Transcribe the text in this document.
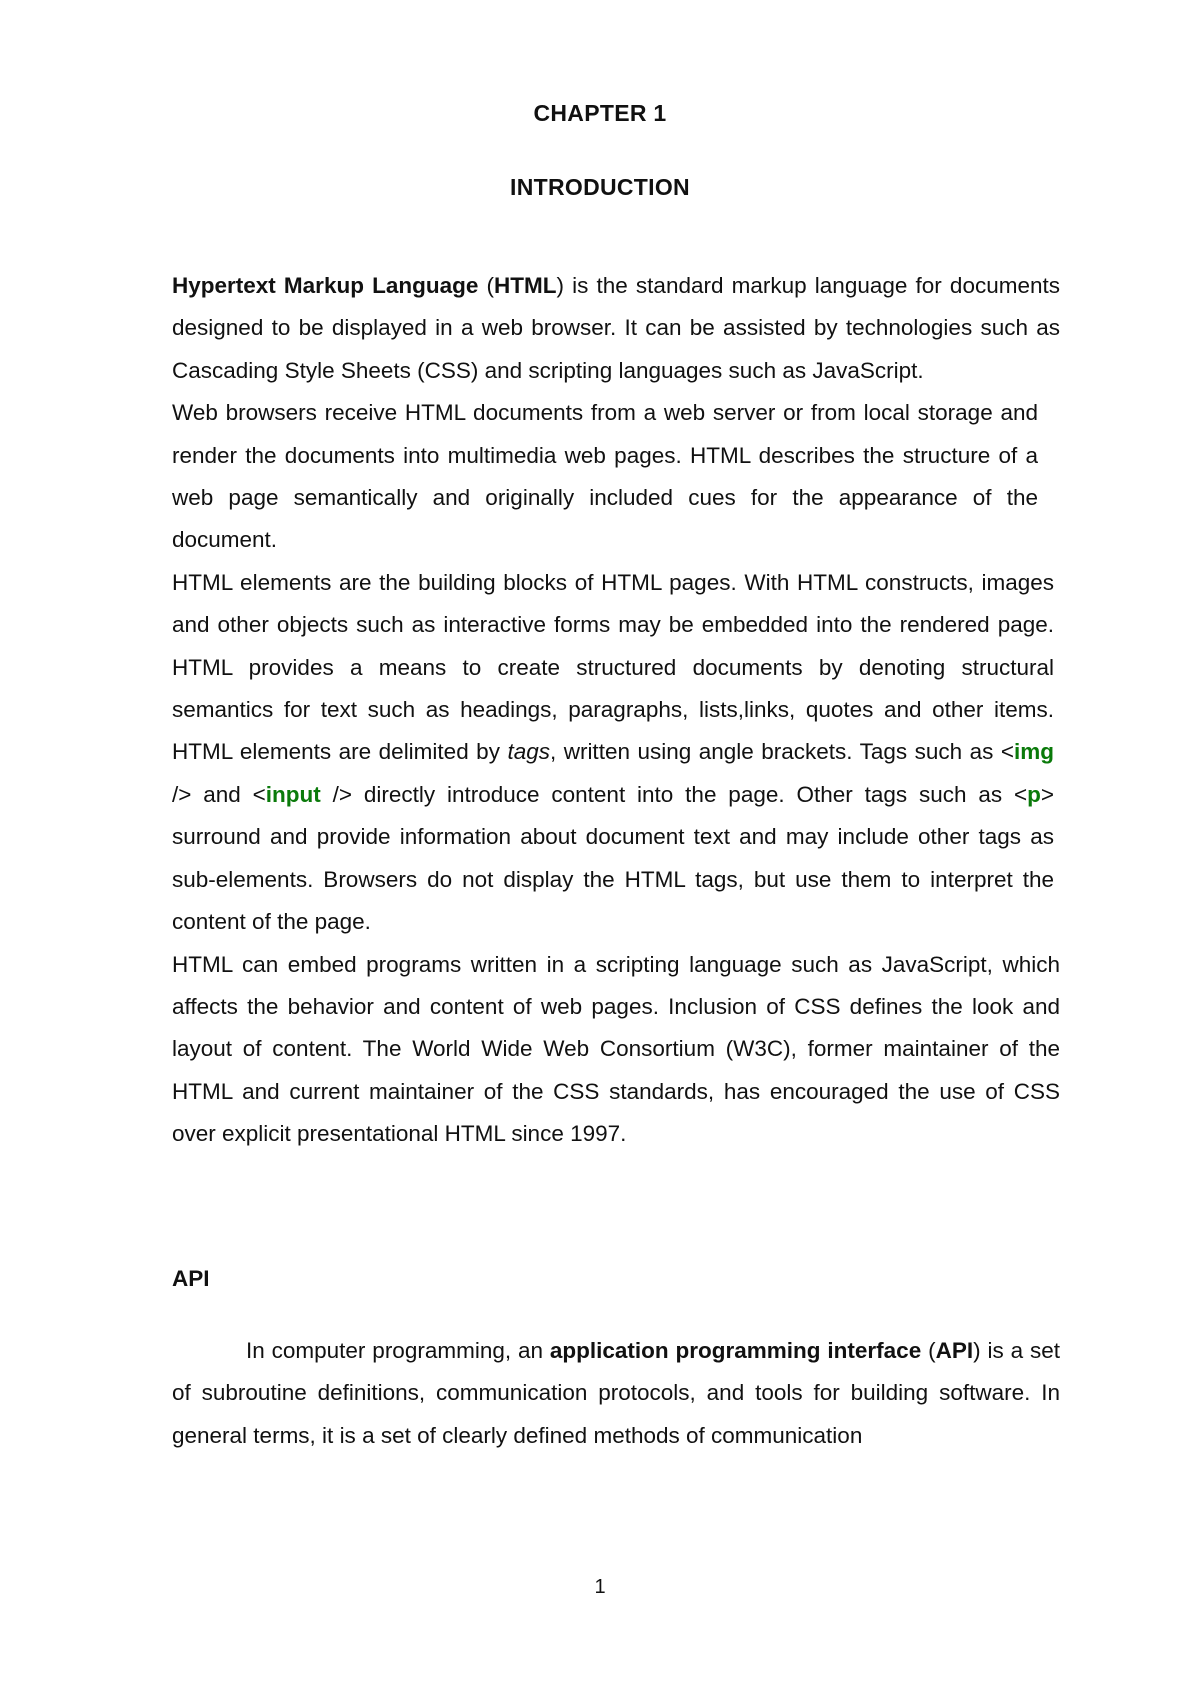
CHAPTER 1
INTRODUCTION

Hypertext Markup Language (HTML) is the standard markup language for documents designed to be displayed in a web browser. It can be assisted by technologies such as Cascading Style Sheets (CSS) and scripting languages such as JavaScript.

Web browsers receive HTML documents from a web server or from local storage and render the documents into multimedia web pages. HTML describes the structure of a web page semantically and originally included cues for the appearance of the document.

HTML elements are the building blocks of HTML pages. With HTML constructs, images and other objects such as interactive forms may be embedded into the rendered page. HTML provides a means to create structured documents by denoting structural semantics for text such as headings, paragraphs, lists,links, quotes and other items. HTML elements are delimited by tags, written using angle brackets. Tags such as <img /> and <input /> directly introduce content into the page. Other tags such as <p> surround and provide information about document text and may include other tags as sub-elements. Browsers do not display the HTML tags, but use them to interpret the content of the page.

HTML can embed programs written in a scripting language such as JavaScript, which affects the behavior and content of web pages. Inclusion of CSS defines the look and layout of content. The World Wide Web Consortium (W3C), former maintainer of the HTML and current maintainer of the CSS standards, has encouraged the use of CSS over explicit presentational HTML since 1997.

API

In computer programming, an application programming interface (API) is a set of subroutine definitions, communication protocols, and tools for building software. In general terms, it is a set of clearly defined methods of communication

1
